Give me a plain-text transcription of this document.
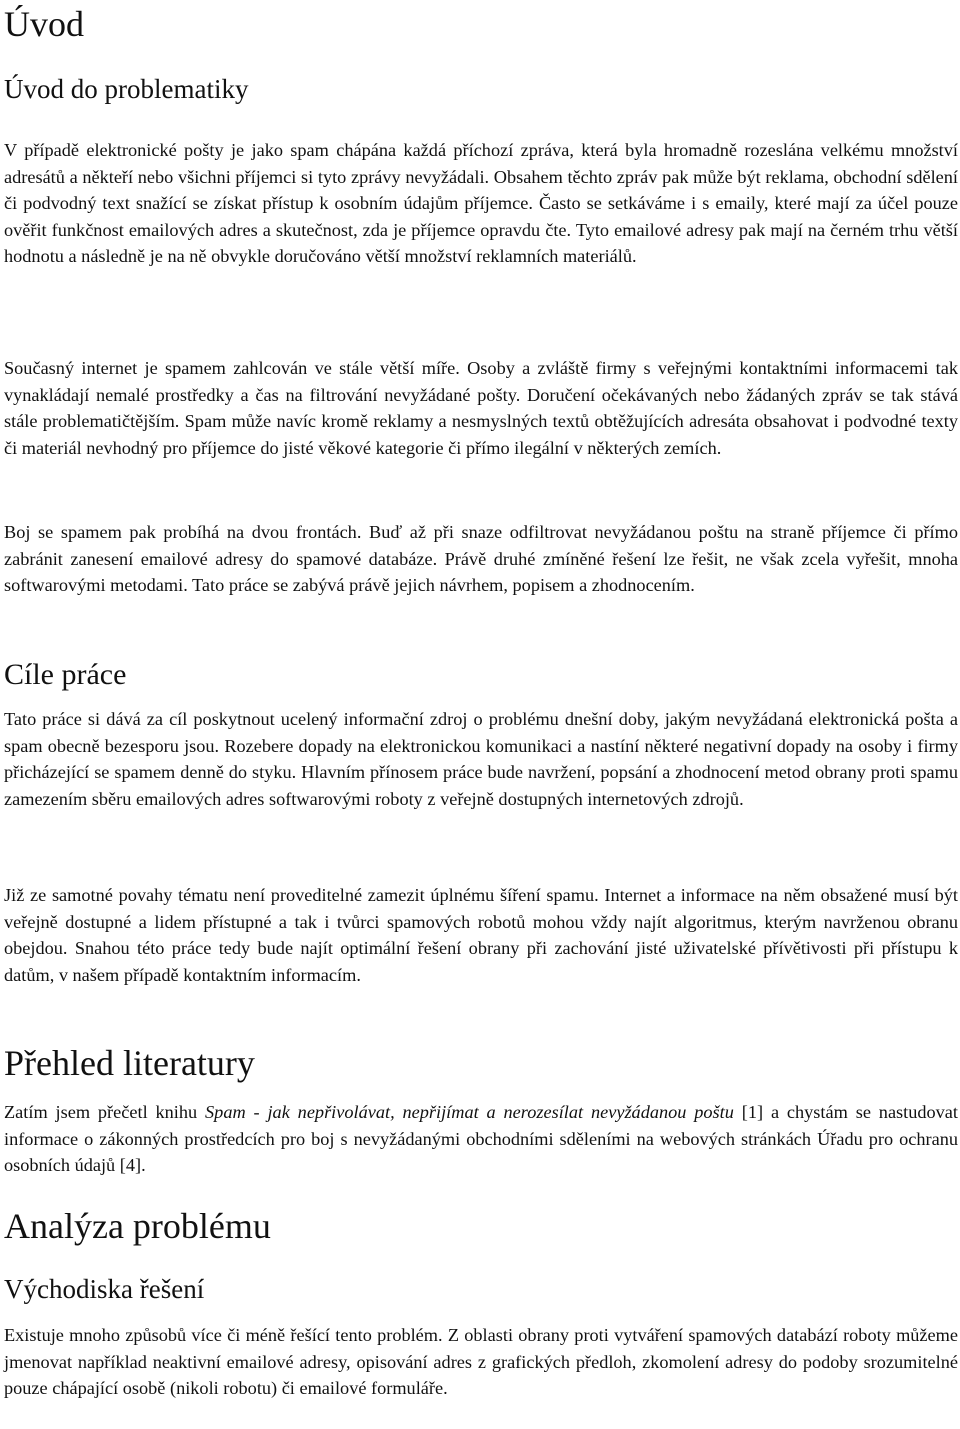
Úvod
Úvod do problematiky

V případě elektronické pošty je jako spam chápána každá příchozí zpráva, která byla hromadně rozeslána velkému množství adresátů a někteří nebo všichni příjemci si tyto zprávy nevyžádali. Obsahem těchto zpráv pak může být reklama, obchodní sdělení či podvodný text snažící se získat přístup k osobním údajům příjemce. Často se setkáváme i s emaily, které mají za účel pouze ověřit funkčnost emailových adres a skutečnost, zda je příjemce opravdu čte. Tyto emailové adresy pak mají na černém trhu větší hodnotu a následně je na ně obvykle doručováno větší množství reklamních materiálů.

Současný internet je spamem zahlcován ve stále větší míře. Osoby a zvláště firmy s veřejnými kontaktními informacemi tak vynakládají nemalé prostředky a čas na filtrování nevyžádané pošty. Doručení očekávaných nebo žádaných zpráv se tak stává stále problematičtějším. Spam může navíc kromě reklamy a nesmyslných textů obtěžujících adresáta obsahovat i podvodné texty či materiál nevhodný pro příjemce do jisté věkové kategorie či přímo ilegální v některých zemích.

Boj se spamem pak probíhá na dvou frontách. Buď až při snaze odfiltrovat nevyžádanou poštu na straně příjemce či přímo zabránit zanesení emailové adresy do spamové databáze. Právě druhé zmíněné řešení lze řešit, ne však zcela vyřešit, mnoha softwarovými metodami. Tato práce se zabývá právě jejich návrhem, popisem a zhodnocením.

Cíle práce

Tato práce si dává za cíl poskytnout ucelený informační zdroj o problému dnešní doby, jakým nevyžádaná elektronická pošta a spam obecně bezesporu jsou. Rozebere dopady na elektronickou komunikaci a nastíní některé negativní dopady na osoby i firmy přicházející se spamem denně do styku. Hlavním přínosem práce bude navržení, popsání a zhodnocení metod obrany proti spamu zamezením sběru emailových adres softwarovými roboty z veřejně dostupných internetových zdrojů.

Již ze samotné povahy tématu není proveditelné zamezit úplnému šíření spamu. Internet a informace na něm obsažené musí být veřejně dostupné a lidem přístupné a tak i tvůrci spamových robotů mohou vždy najít algoritmus, kterým navrženou obranu obejdou. Snahou této práce tedy bude najít optimální řešení obrany při zachování jisté uživatelské přívětivosti při přístupu k datům, v našem případě kontaktním informacím.

Přehled literatury

Zatím jsem přečetl knihu Spam - jak nepřivolávat, nepřijímat a nerozesílat nevyžádanou poštu [1] a chystám se nastudovat informace o zákonných prostředcích pro boj s nevyžádanými obchodními sděleními na webových stránkách Úřadu pro ochranu osobních údajů [4].

Analýza problému
Východiska řešení

Existuje mnoho způsobů více či méně řešící tento problém. Z oblasti obrany proti vytváření spamových databází roboty můžeme jmenovat například neaktivní emailové adresy, opisování adres z grafických předloh, zkomolení adresy do podoby srozumitelné pouze chápající osobě (nikoli robotu) či emailové formuláře.
